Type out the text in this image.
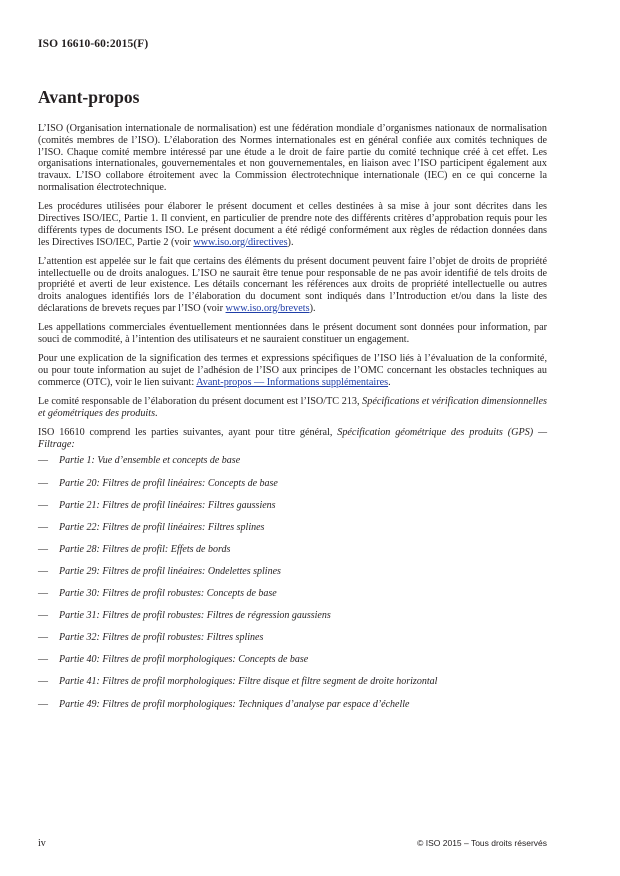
ISO 16610-60:2015(F)
Avant-propos

L’ISO (Organisation internationale de normalisation) est une fédération mondiale d’organismes nationaux de normalisation (comités membres de l’ISO). L’élaboration des Normes internationales est en général confiée aux comités techniques de l’ISO. Chaque comité membre intéressé par une étude a le droit de faire partie du comité technique créé à cet effet. Les organisations internationales, gouvernementales et non gouvernementales, en liaison avec l’ISO participent également aux travaux. L’ISO collabore étroitement avec la Commission électrotechnique internationale (IEC) en ce qui concerne la normalisation électrotechnique.

Les procédures utilisées pour élaborer le présent document et celles destinées à sa mise à jour sont décrites dans les Directives ISO/IEC, Partie 1. Il convient, en particulier de prendre note des différents critères d’approbation requis pour les différents types de documents ISO. Le présent document a été rédigé conformément aux règles de rédaction données dans les Directives ISO/IEC, Partie 2 (voir www.iso.org/directives).

L’attention est appelée sur le fait que certains des éléments du présent document peuvent faire l’objet de droits de propriété intellectuelle ou de droits analogues. L’ISO ne saurait être tenue pour responsable de ne pas avoir identifié de tels droits de propriété et averti de leur existence. Les détails concernant les références aux droits de propriété intellectuelle ou autres droits analogues identifiés lors de l’élaboration du document sont indiqués dans l’Introduction et/ou dans la liste des déclarations de brevets reçues par l’ISO (voir www.iso.org/brevets).

Les appellations commerciales éventuellement mentionnées dans le présent document sont données pour information, par souci de commodité, à l’intention des utilisateurs et ne sauraient constituer un engagement.

Pour une explication de la signification des termes et expressions spécifiques de l’ISO liés à l’évaluation de la conformité, ou pour toute information au sujet de l’adhésion de l’ISO aux principes de l’OMC concernant les obstacles techniques au commerce (OTC), voir le lien suivant: Avant-propos — Informations supplémentaires.

Le comité responsable de l’élaboration du présent document est l’ISO/TC 213, Spécifications et vérification dimensionnelles et géométriques des produits.

ISO 16610 comprend les parties suivantes, ayant pour titre général, Spécification géométrique des produits (GPS) — Filtrage:

—	Partie 1: Vue d’ensemble et concepts de base
—	Partie 20: Filtres de profil linéaires: Concepts de base
—	Partie 21: Filtres de profil linéaires: Filtres gaussiens
—	Partie 22: Filtres de profil linéaires: Filtres splines
—	Partie 28: Filtres de profil: Effets de bords
—	Partie 29: Filtres de profil linéaires: Ondelettes splines
—	Partie 30: Filtres de profil robustes: Concepts de base
—	Partie 31: Filtres de profil robustes: Filtres de régression gaussiens
—	Partie 32: Filtres de profil robustes: Filtres splines
—	Partie 40: Filtres de profil morphologiques: Concepts de base
—	Partie 41: Filtres de profil morphologiques: Filtre disque et filtre segment de droite horizontal
—	Partie 49: Filtres de profil morphologiques: Techniques d’analyse par espace d’échelle
iv	© ISO 2015 – Tous droits réservés
